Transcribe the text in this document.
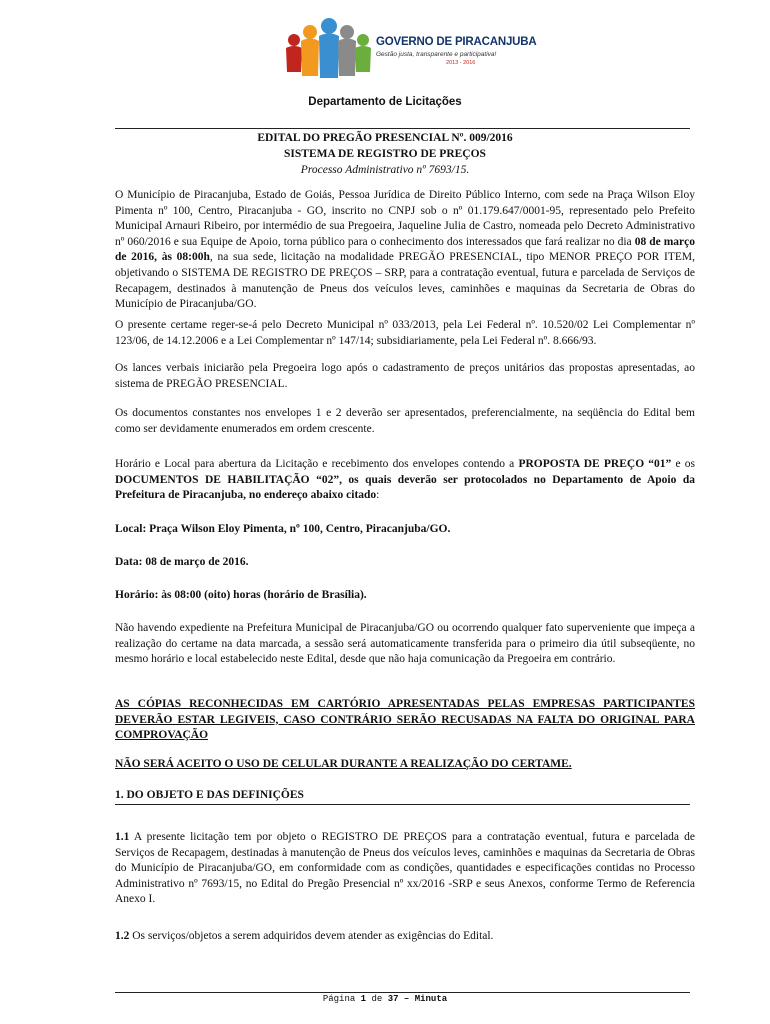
GOVERNO DE PIRACANJUBA
Gestão justa, transparente e participativa!
2013 - 2016
Departamento de Licitações
EDITAL DO PREGÃO PRESENCIAL Nº. 009/2016
SISTEMA DE REGISTRO DE PREÇOS
Processo Administrativo nº 7693/15.

O Município de Piracanjuba, Estado de Goiás, Pessoa Jurídica de Direito Público Interno, com sede na Praça Wilson Eloy Pimenta nº 100, Centro, Piracanjuba - GO, inscrito no CNPJ sob o nº 01.179.647/0001-95, representado pelo Prefeito Municipal Arnauri Ribeiro, por intermédio de sua Pregoeira, Jaqueline Julia de Castro, nomeada pelo Decreto Administrativo nº 060/2016 e sua Equipe de Apoio, torna público para o conhecimento dos interessados que fará realizar no dia 08 de março de 2016, às 08:00h, na sua sede, licitação na modalidade PREGÃO PRESENCIAL, tipo MENOR PREÇO POR ITEM, objetivando o SISTEMA DE REGISTRO DE PREÇOS – SRP, para a contratação eventual, futura e parcelada de Serviços de Recapagem, destinados à manutenção de Pneus dos veículos leves, caminhões e maquinas da Secretaria de Obras do Município de Piracanjuba/GO.

O presente certame reger-se-á pelo Decreto Municipal nº 033/2013, pela Lei Federal nº. 10.520/02 Lei Complementar nº 123/06, de 14.12.2006 e a Lei Complementar nº 147/14; subsidiariamente, pela Lei Federal nº. 8.666/93.

Os lances verbais iniciarão pela Pregoeira logo após o cadastramento de preços unitários das propostas apresentadas, ao sistema de PREGÃO PRESENCIAL.

Os documentos constantes nos envelopes 1 e 2 deverão ser apresentados, preferencialmente, na seqüência do Edital bem como ser devidamente enumerados em ordem crescente.

Horário e Local para abertura da Licitação e recebimento dos envelopes contendo a PROPOSTA DE PREÇO “01” e os DOCUMENTOS DE HABILITAÇÃO “02”, os quais deverão ser protocolados no Departamento de Apoio da Prefeitura de Piracanjuba, no endereço abaixo citado:

Local: Praça Wilson Eloy Pimenta, nº 100, Centro, Piracanjuba/GO.

Data: 08 de março de 2016.

Horário: às 08:00 (oito) horas (horário de Brasília).

Não havendo expediente na Prefeitura Municipal de Piracanjuba/GO ou ocorrendo qualquer fato superveniente que impeça a realização do certame na data marcada, a sessão será automaticamente transferida para o primeiro dia útil subseqüente, no mesmo horário e local estabelecido neste Edital, desde que não haja comunicação da Pregoeira em contrário.

AS CÓPIAS RECONHECIDAS EM CARTÓRIO APRESENTADAS PELAS EMPRESAS PARTICIPANTES DEVERÃO ESTAR LEGIVEIS, CASO CONTRÁRIO SERÃO RECUSADAS NA FALTA DO ORIGINAL PARA COMPROVAÇÃO

NÃO SERÁ ACEITO O USO DE CELULAR DURANTE A REALIZAÇÃO DO CERTAME.

1. DO OBJETO E DAS DEFINIÇÕES

1.1 A presente licitação tem por objeto o REGISTRO DE PREÇOS para a contratação eventual, futura e parcelada de Serviços de Recapagem, destinadas à manutenção de Pneus dos veículos leves, caminhões e maquinas da Secretaria de Obras do Município de Piracanjuba/GO, em conformidade com as condições, quantidades e especificações contidas no Processo Administrativo nº 7693/15, no Edital do Pregão Presencial nº xx/2016 -SRP e seus Anexos, conforme Termo de Referencia Anexo I.

1.2 Os serviços/objetos a serem adquiridos devem atender as exigências do Edital.

Página 1 de 37 – Minuta
